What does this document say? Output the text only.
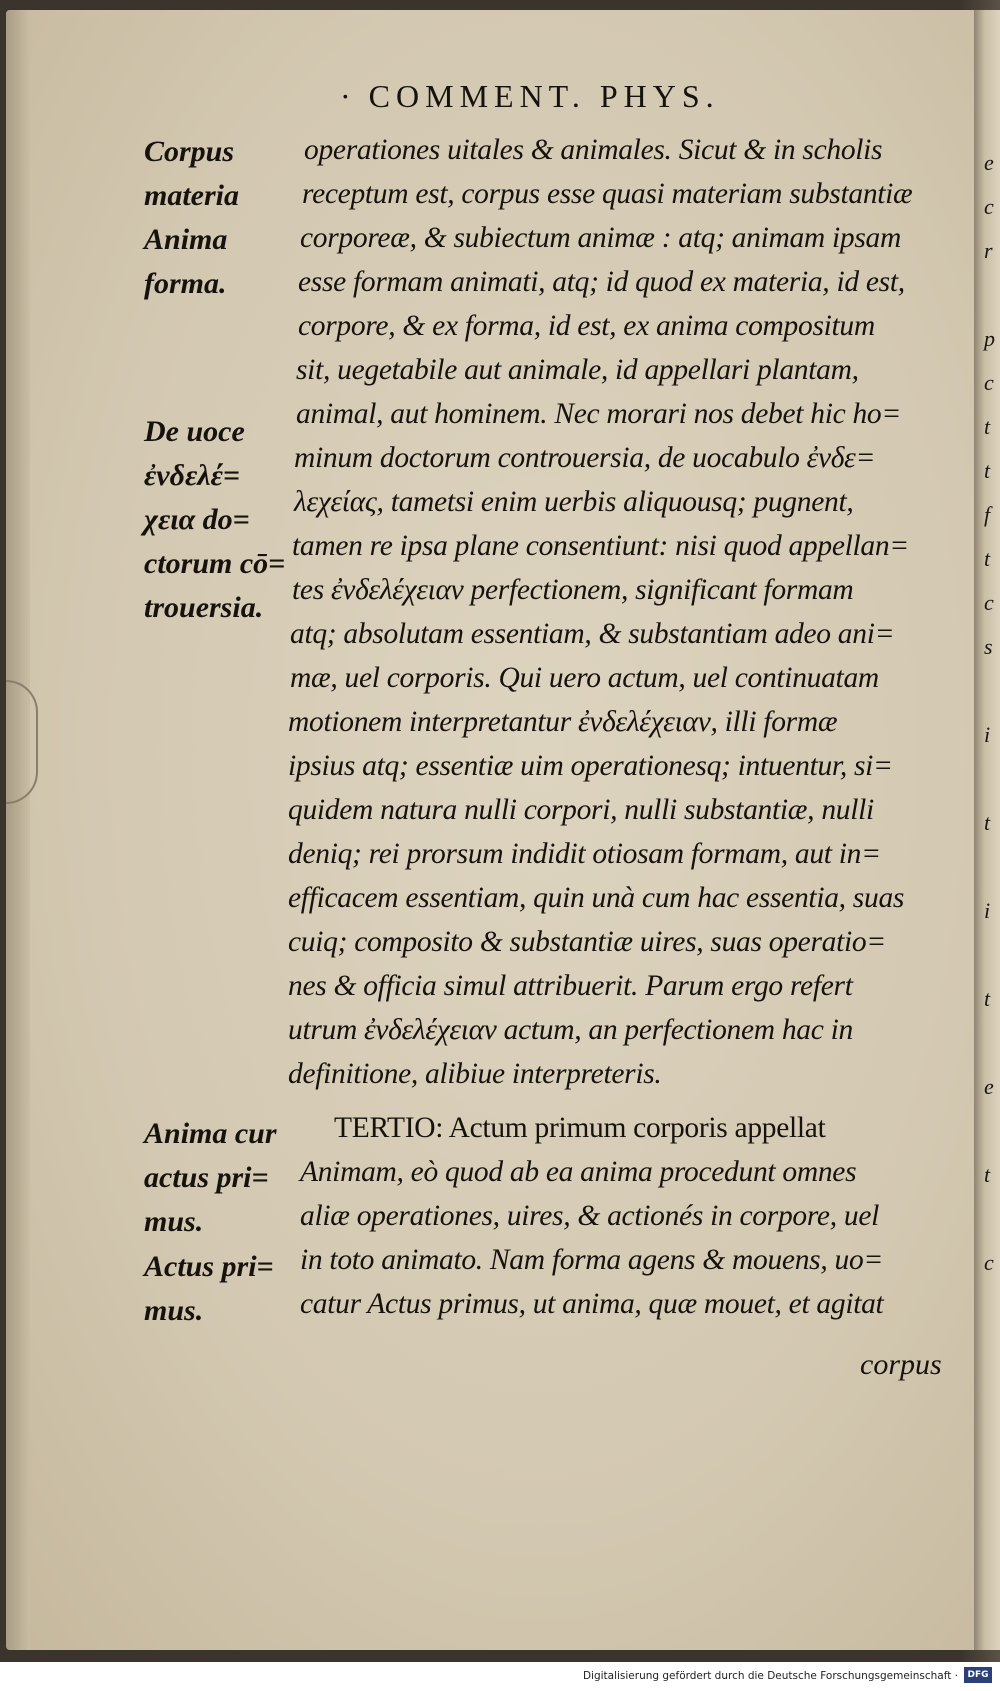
· COMMENT. PHYS.
Corpus
materia
Anima
forma.
De uoce
ἐνδελέ=
χεια do=
ctorum cō=
trouersia.
Anima cur
actus pri=
mus.
Actus pri=
mus.
operationes uitales & animales. Sicut & in scholis
receptum est, corpus esse quasi materiam substantiæ
corporeæ, & subiectum animæ : atq; animam ipsam
esse formam animati, atq; id quod ex materia, id est,
corpore, & ex forma, id est, ex anima compositum
sit, uegetabile aut animale, id appellari plantam,
animal, aut hominem. Nec morari nos debet hic ho=
minum doctorum controuersia, de uocabulo ἐνδε=
λεχείας, tametsi enim uerbis aliquousq; pugnent,
tamen re ipsa plane consentiunt: nisi quod appellan=
tes ἐνδελέχειαν perfectionem, significant formam
atq; absolutam essentiam, & substantiam adeo ani=
mæ, uel corporis. Qui uero actum, uel continuatam
motionem interpretantur ἐνδελέχειαν, illi formæ
ipsius atq; essentiæ uim operationesq; intuentur, si=
quidem natura nulli corpori, nulli substantiæ, nulli
deniq; rei prorsum indidit otiosam formam, aut in=
efficacem essentiam, quin unà cum hac essentia, suas
cuiq; composito & substantiæ uires, suas operatio=
nes & officia simul attribuerit. Parum ergo refert
utrum ἐνδελέχειαν actum, an perfectionem hac in
definitione, alibiue interpreteris.
TERTIO: Actum primum corporis appellat
Animam, eò quod ab ea anima procedunt omnes
aliæ operationes, uires, & actionés in corpore, uel
in toto animato. Nam forma agens & mouens, uo=
catur Actus primus, ut anima, quæ mouet, et agitat
corpus
e
c
r
p
c
t
t
f
t
c
s
i
t
i
t
e
t
c
Digitalisierung gefördert durch die Deutsche Forschungsgemeinschaft ·	DFG
